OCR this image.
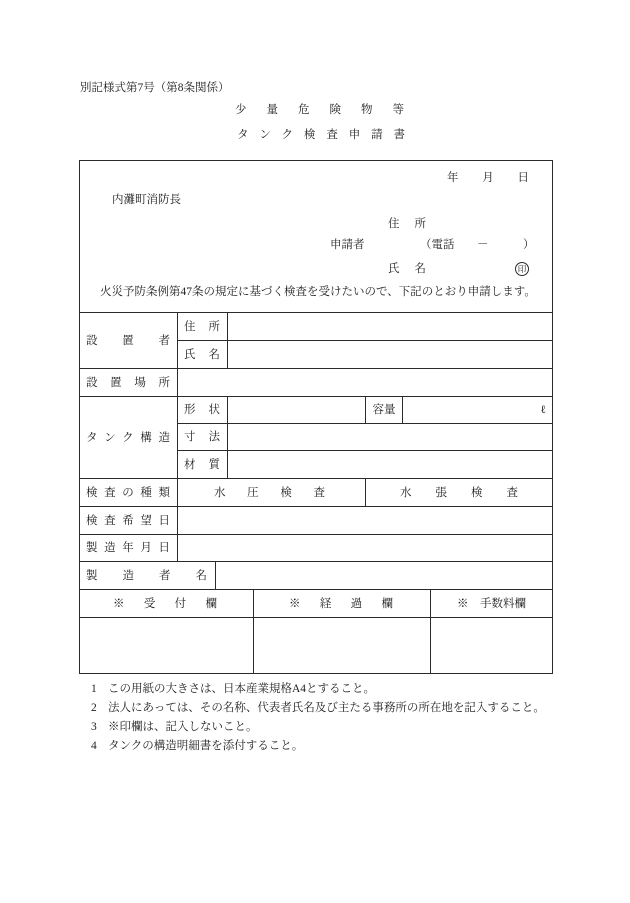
別記様式第7号（第8条関係）
少量危険物等
タンク検査申請書
年月日
内灘町消防長
住所
申請者	（電話 －	）
氏名	印
火災予防条例第47条の規定に基づく検査を受けたいので、下記のとおり申請します。
設置者
住所
氏名
設置場所
タンク構造
形状	容量	ℓ
寸法
材質
検査の種類	水圧検査	水張検査
検査希望日
製造年月日
製造者名
※受付欄	※経過欄	※　手数料欄
1 この用紙の大きさは、日本産業規格A4とすること。
2 法人にあっては、その名称、代表者氏名及び主たる事務所の所在地を記入すること。
3 ※印欄は、記入しないこと。
4 タンクの構造明細書を添付すること。
